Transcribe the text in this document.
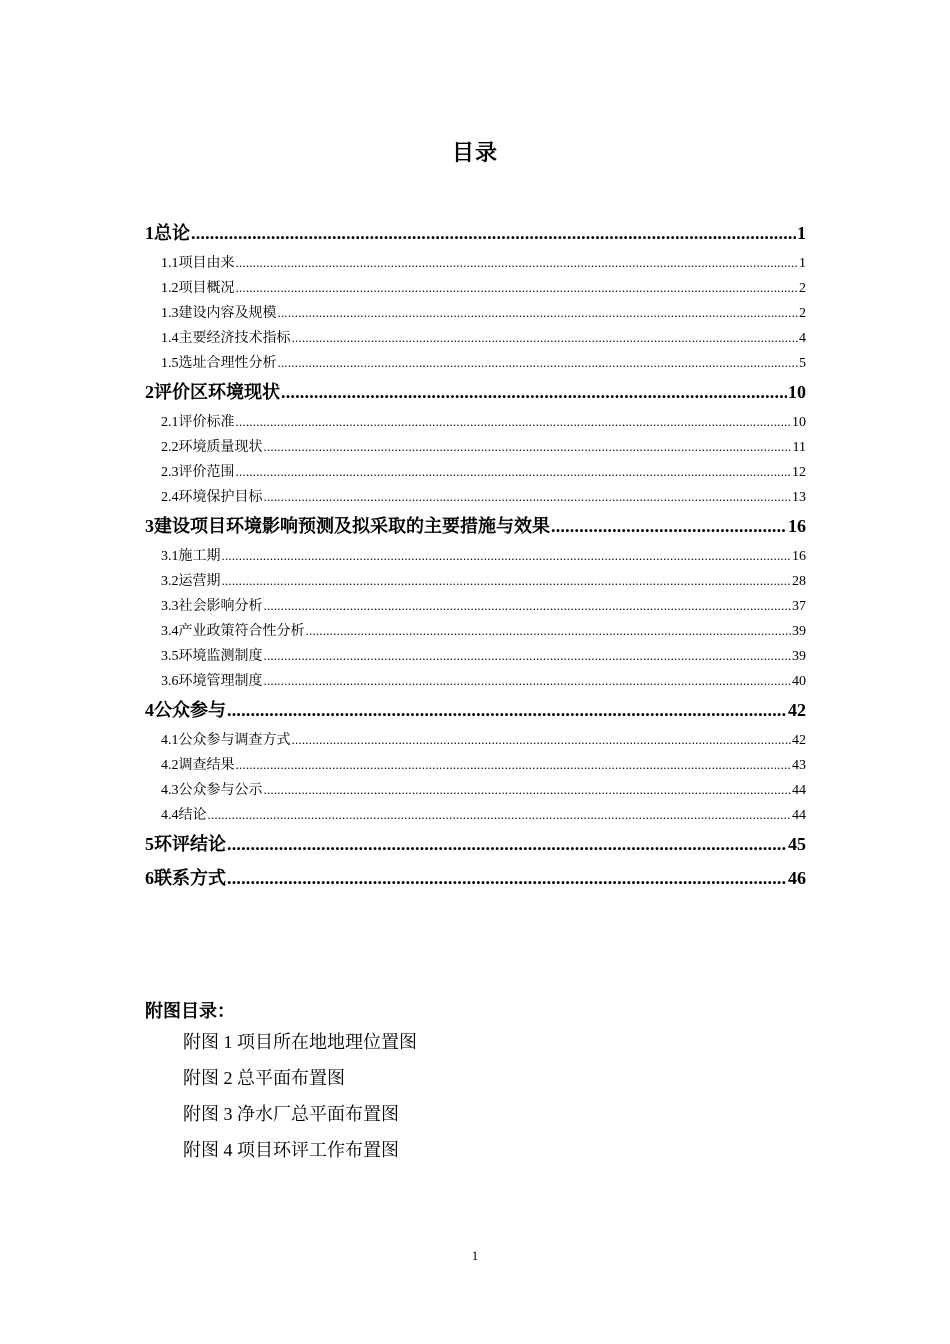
目录
1 总论 .....	1
1.1 项目由来 .....	1
1.2 项目概况 .....	2
1.3 建设内容及规模 .....	2
1.4 主要经济技术指标 .....	4
1.5 选址合理性分析 .....	5
2 评价区环境现状 .....	10
2.1 评价标准 .....	10
2.2 环境质量现状 .....	11
2.3 评价范围 .....	12
2.4 环境保护目标 .....	13
3 建设项目环境影响预测及拟采取的主要措施与效果 .....	16
3.1 施工期 .....	16
3.2 运营期 .....	28
3.3 社会影响分析 .....	37
3.4 产业政策符合性分析 .....	39
3.5 环境监测制度 .....	39
3.6 环境管理制度 .....	40
4 公众参与 .....	42
4.1 公众参与调查方式 .....	42
4.2 调查结果 .....	43
4.3 公众参与公示 .....	44
4.4 结论 .....	44
5 环评结论 .....	45
6 联系方式 .....	46
附图目录：
附图 1 项目所在地地理位置图
附图 2 总平面布置图
附图 3 净水厂总平面布置图
附图 4 项目环评工作布置图
1
